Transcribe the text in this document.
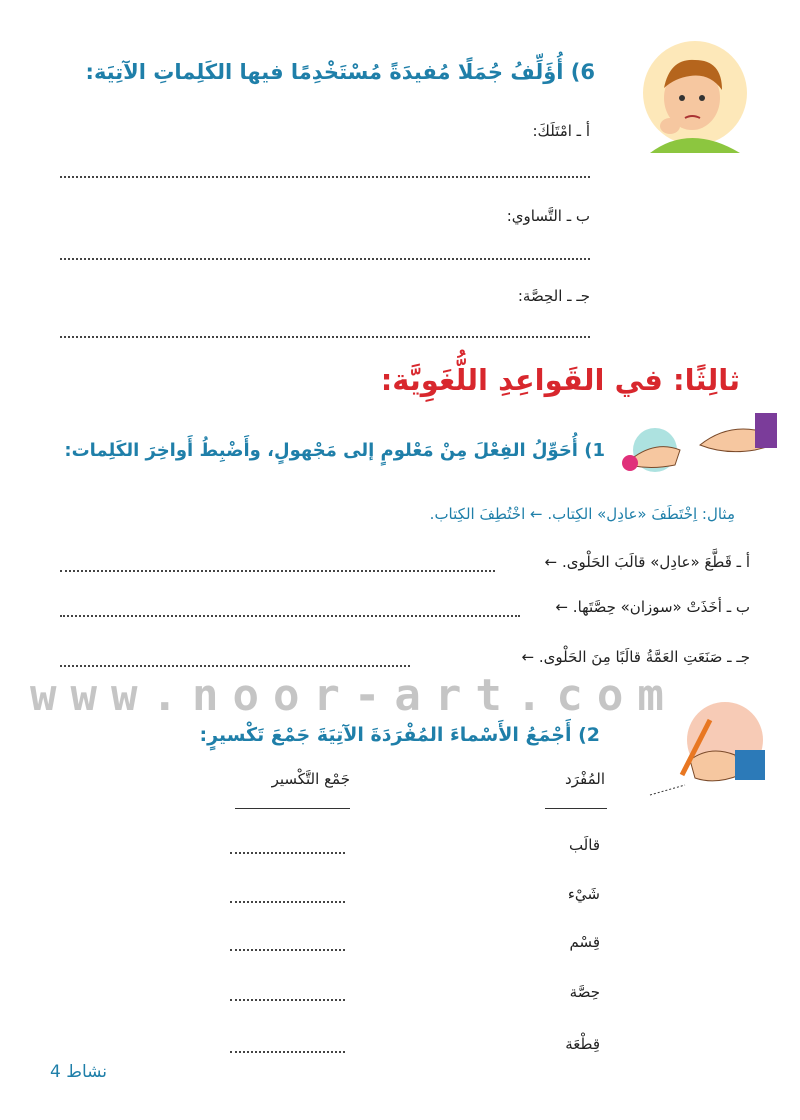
6) أُؤَلِّفُ جُمَلًا مُفيدَةً مُسْتَخْدِمًا فيها الكَلِماتِ الآتِيَة:
أ ـ امْتَلَكَ:
ب ـ التَّساوي:
جـ ـ الحِصَّة:
ثالِثًا: في القَواعِدِ اللُّغَوِيَّة:
1) أُحَوِّلُ الفِعْلَ مِنْ مَعْلومٍ إلى مَجْهولٍ، وأَضْبِطُ أَواخِرَ الكَلِمات:
مِثال: اِخْتَطَفَ «عادِل» الكِتاب. ← اخْتُطِفَ الكِتاب.
أ ـ قَطَّعَ «عادِل» قالَبَ الحَلْوى. ←
ب ـ أخَذَتْ «سوزان» حِصَّتَها. ←
جـ ـ صَنَعَتِ العَمَّةُ قالَبًا مِنَ الحَلْوى. ←
www.noor-art.com
2) أَجْمَعُ الأَسْماءَ المُفْرَدَةَ الآتِيَةَ جَمْعَ تَكْسيرٍ:
المُفْرَد
جَمْع التَّكْسير
قالَب
شَيْء
قِسْم
حِصَّة
قِطْعَة
نشاط 4
